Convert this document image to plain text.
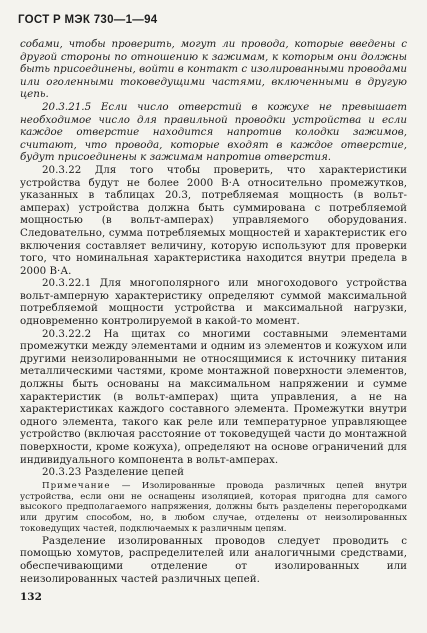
ГОСТ Р МЭК 730—1—94

собами, чтобы проверить, могут ли провода, которые введены с другой стороны по отношению к зажимам, к которым они должны быть присоединены, войти в контакт с изолированными проводами или оголенными токоведущими частями, включенными в другую цепь.

20.3.21.5 Если число отверстий в кожухе не превышает необходимое число для правильной проводки устройства и если каждое отверстие находится напротив колодки зажимов, считают, что провода, которые входят в каждое отверстие, будут присоединены к зажимам напротив отверстия.

20.3.22 Для того чтобы проверить, что характеристики устройства будут не более 2000 В·А относительно промежутков, указанных в таблицах 20.3, потребляемая мощность (в вольт-амперах) устройства должна быть суммирована с потребляемой мощностью (в вольт-амперах) управляемого оборудования. Следовательно, сумма потребляемых мощностей и характеристик его включения составляет величину, которую используют для проверки того, что номинальная характеристика находится внутри предела в 2000 В·А.

20.3.22.1 Для многополярного или многоходового устройства вольт-амперную характеристику определяют суммой максимальной потребляемой мощности устройства и максимальной нагрузки, одновременно контролируемой в какой-то момент.

20.3.22.2 На щитах со многими составными элементами промежутки между элементами и одним из элементов и кожухом или другими неизолированными не относящимися к источнику питания металлическими частями, кроме монтажной поверхности элементов, должны быть основаны на максимальном напряжении и сумме характеристик (в вольт-амперах) щита управления, а не на характеристиках каждого составного элемента. Промежутки внутри одного элемента, такого как реле или температурное управляющее устройство (включая расстояние от токоведущей части до монтажной поверхности, кроме кожуха), определяют на основе ограничений для индивидуального компонента в вольт-амперах.

20.3.23 Разделение цепей

Примечание — Изолированные провода различных цепей внутри устройства, если они не оснащены изоляцией, которая пригодна для самого высокого предполагаемого напряжения, должны быть разделены перегородками или другим способом, но, в любом случае, отделены от неизолированных токоведущих частей, подключаемых к различным цепям.

Разделение изолированных проводов следует проводить с помощью хомутов, распределителей или аналогичными средствами, обеспечивающими отделение от изолированных или неизолированных частей различных цепей.

132
